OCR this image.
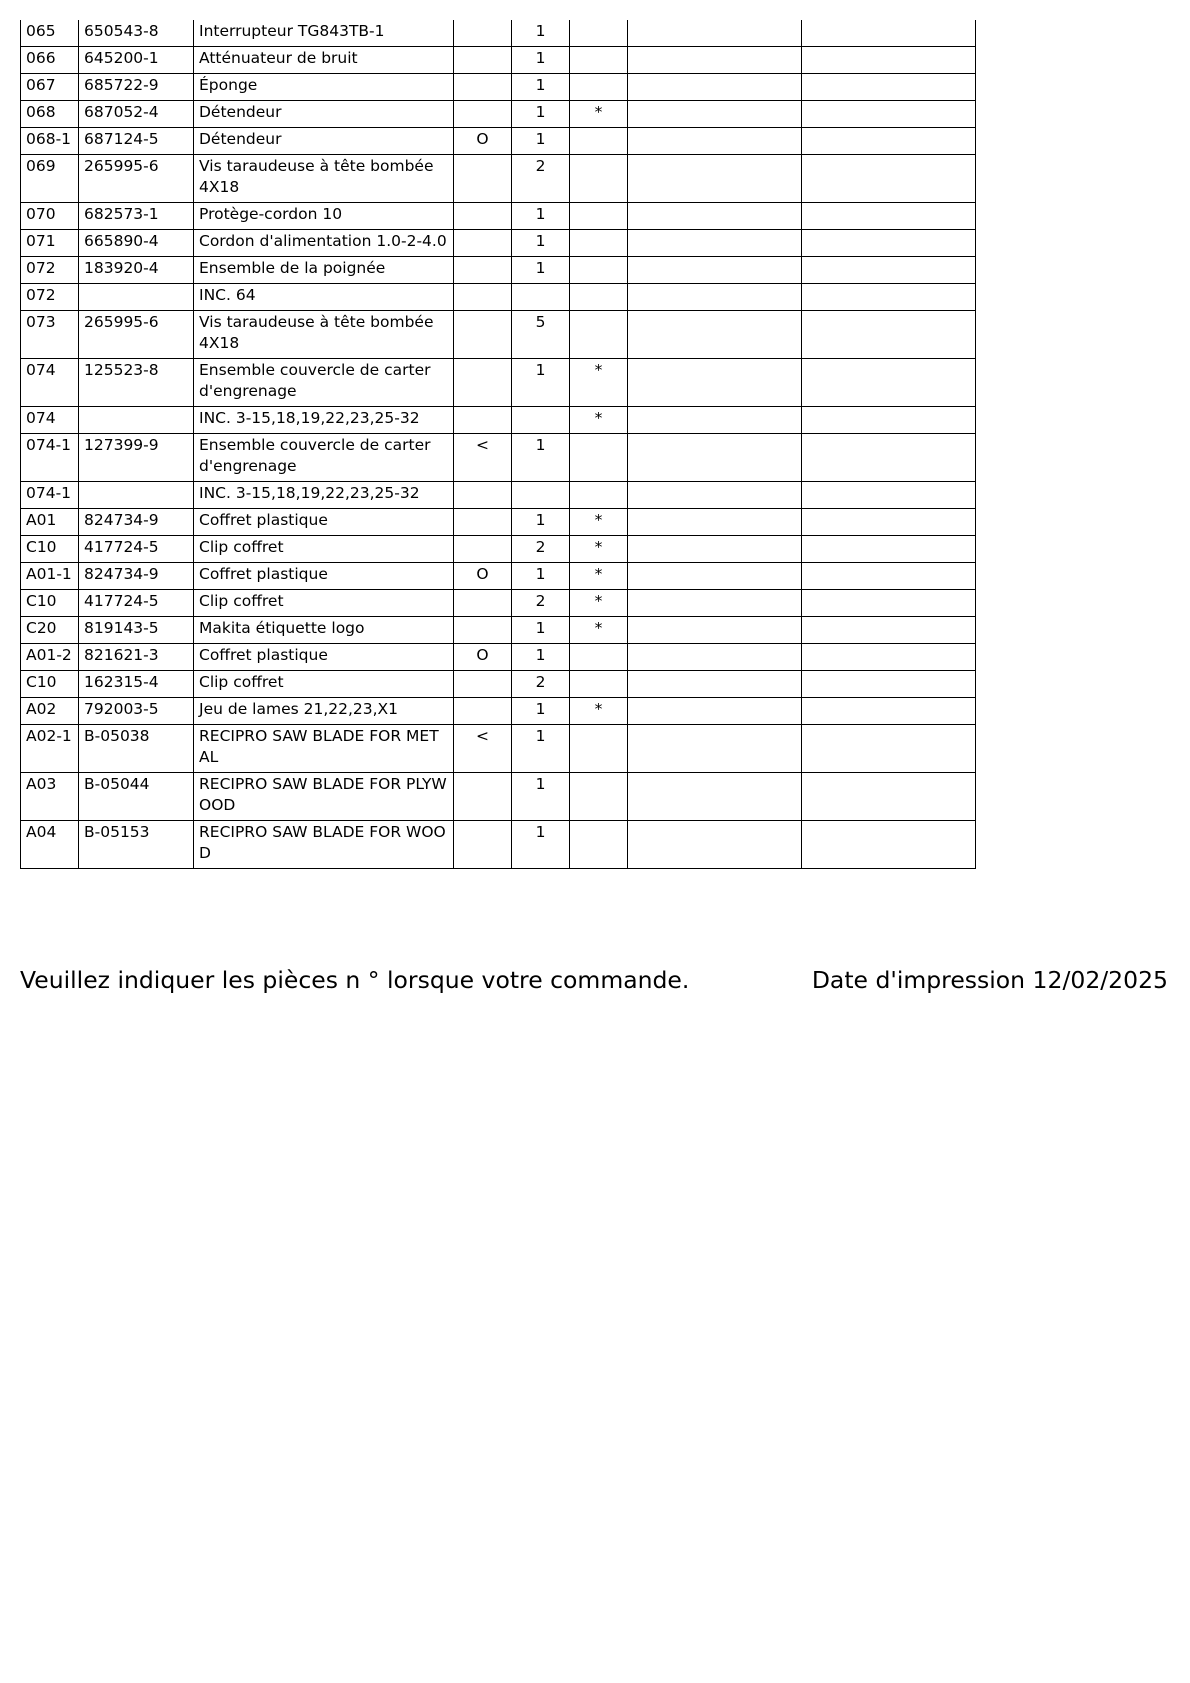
065	650543-8	Interrupteur TG843TB-1		1			
066	645200-1	Atténuateur de bruit		1			
067	685722-9	Éponge		1			
068	687052-4	Détendeur		1	*		
068-1	687124-5	Détendeur	O	1			
069	265995-6	Vis taraudeuse à tête bombée 4X18		2			
070	682573-1	Protège-cordon 10		1			
071	665890-4	Cordon d'alimentation 1.0-2-4.0		1			
072	183920-4	Ensemble de la poignée		1			
072		INC. 64					
073	265995-6	Vis taraudeuse à tête bombée 4X18		5			
074	125523-8	Ensemble couvercle de carter d'engrenage		1	*		
074		INC. 3-15,18,19,22,23,25-32			*		
074-1	127399-9	Ensemble couvercle de carter d'engrenage	<	1			
074-1		INC. 3-15,18,19,22,23,25-32					
A01	824734-9	Coffret plastique		1	*		
C10	417724-5	Clip coffret		2	*		
A01-1	824734-9	Coffret plastique	O	1	*		
C10	417724-5	Clip coffret		2	*		
C20	819143-5	Makita étiquette logo		1	*		
A01-2	821621-3	Coffret plastique	O	1			
C10	162315-4	Clip coffret		2			
A02	792003-5	Jeu de lames 21,22,23,X1		1	*		
A02-1	B-05038	RECIPRO SAW BLADE FOR METAL	<	1			
A03	B-05044	RECIPRO SAW BLADE FOR PLYWOOD		1			
A04	B-05153	RECIPRO SAW BLADE FOR WOOD		1			
Veuillez indiquer les pièces n ° lorsque votre commande.	Date d'impression 12/02/2025
